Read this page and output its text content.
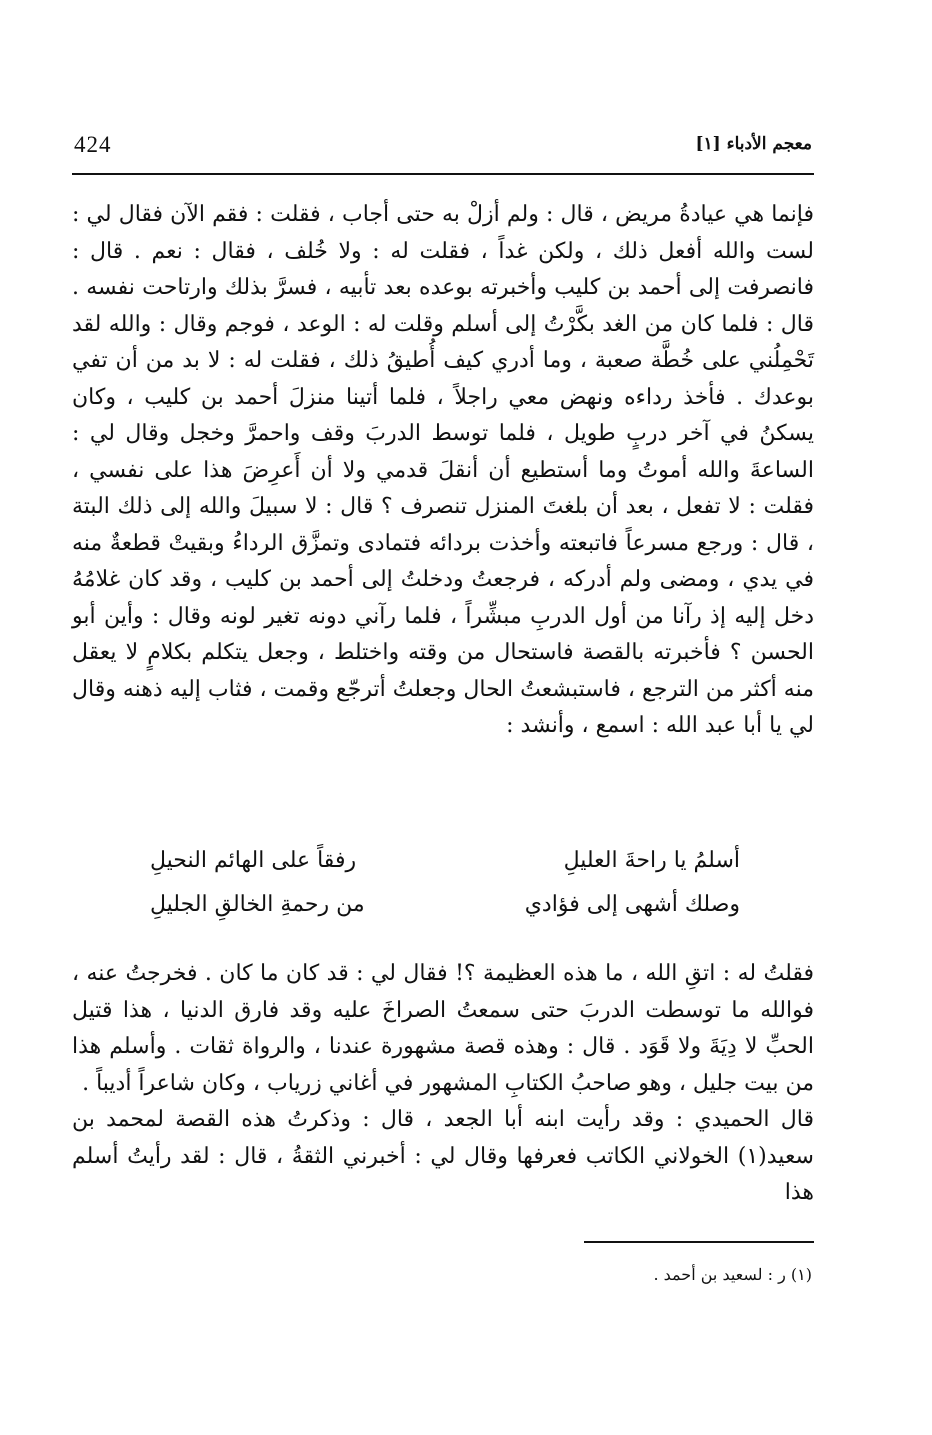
424	معجم الأدباء [١]

فإنما هي عيادةُ مريض ، قال : ولم أزلْ به حتى أجاب ، فقلت : فقم الآن فقال لي : لست والله أفعل ذلك ، ولكن غداً ، فقلت له : ولا خُلف ، فقال : نعم . قال : فانصرفت إلى أحمد بن كليب وأخبرته بوعده بعد تأبيه ، فسرَّ بذلك وارتاحت نفسه . قال : فلما كان من الغد بكَّرْتُ إلى أسلم وقلت له : الوعد ، فوجم وقال : والله لقد تَحْمِلُني على خُطَّة صعبة ، وما أدري كيف أُطيقُ ذلك ، فقلت له : لا بد من أن تفي بوعدك . فأخذ رداءه ونهض معي راجلاً ، فلما أتينا منزلَ أحمد بن كليب ، وكان يسكنُ في آخر دربٍ طويل ، فلما توسط الدربَ وقف واحمرَّ وخجل وقال لي : الساعةَ والله أموتُ وما أستطيع أن أنقلَ قدمي ولا أن أَعرِضَ هذا على نفسي ، فقلت : لا تفعل ، بعد أن بلغتَ المنزل تنصرف ؟ قال : لا سبيلَ والله إلى ذلك البتة ، قال : ورجع مسرعاً فاتبعته وأخذت بردائه فتمادى وتمزَّق الرداءُ وبقيتْ قطعةٌ منه في يدي ، ومضى ولم أدركه ، فرجعتُ ودخلتُ إلى أحمد بن كليب ، وقد كان غلامُهُ دخل إليه إذ رآنا من أول الدربِ مبشِّراً ، فلما رآني دونه تغير لونه وقال : وأين أبو الحسن ؟ فأخبرته بالقصة فاستحال من وقته واختلط ، وجعل يتكلم بكلامٍ لا يعقل منه أكثر من الترجع ، فاستبشعتُ الحال وجعلتُ أترجّع وقمت ، فثاب إليه ذهنه وقال لي يا أبا عبد الله : اسمع ، وأنشد :

أسلمُ يا راحةَ العليلِ
رفقاً على الهائم النحيلِ
وصلك أشهى إلى فؤادي
من رحمةِ الخالقِ الجليلِ

فقلتُ له : اتقِ الله ، ما هذه العظيمة ؟! فقال لي : قد كان ما كان . فخرجتُ عنه ، فوالله ما توسطت الدربَ حتى سمعتُ الصراخَ عليه وقد فارق الدنيا ، هذا قتيل الحبِّ لا دِيَةَ ولا قَوَد . قال : وهذه قصة مشهورة عندنا ، والرواة ثقات . وأسلم هذا من بيت جليل ، وهو صاحبُ الكتابِ المشهور في أغاني زرياب ، وكان شاعراً أديباً .

قال الحميدي : وقد رأيت ابنه أبا الجعد ، قال : وذكرتُ هذه القصة لمحمد بن سعيد(١) الخولاني الكاتب فعرفها وقال لي : أخبرني الثقةُ ، قال : لقد رأيتُ أسلم هذا

(١) ر : لسعيد بن أحمد .
